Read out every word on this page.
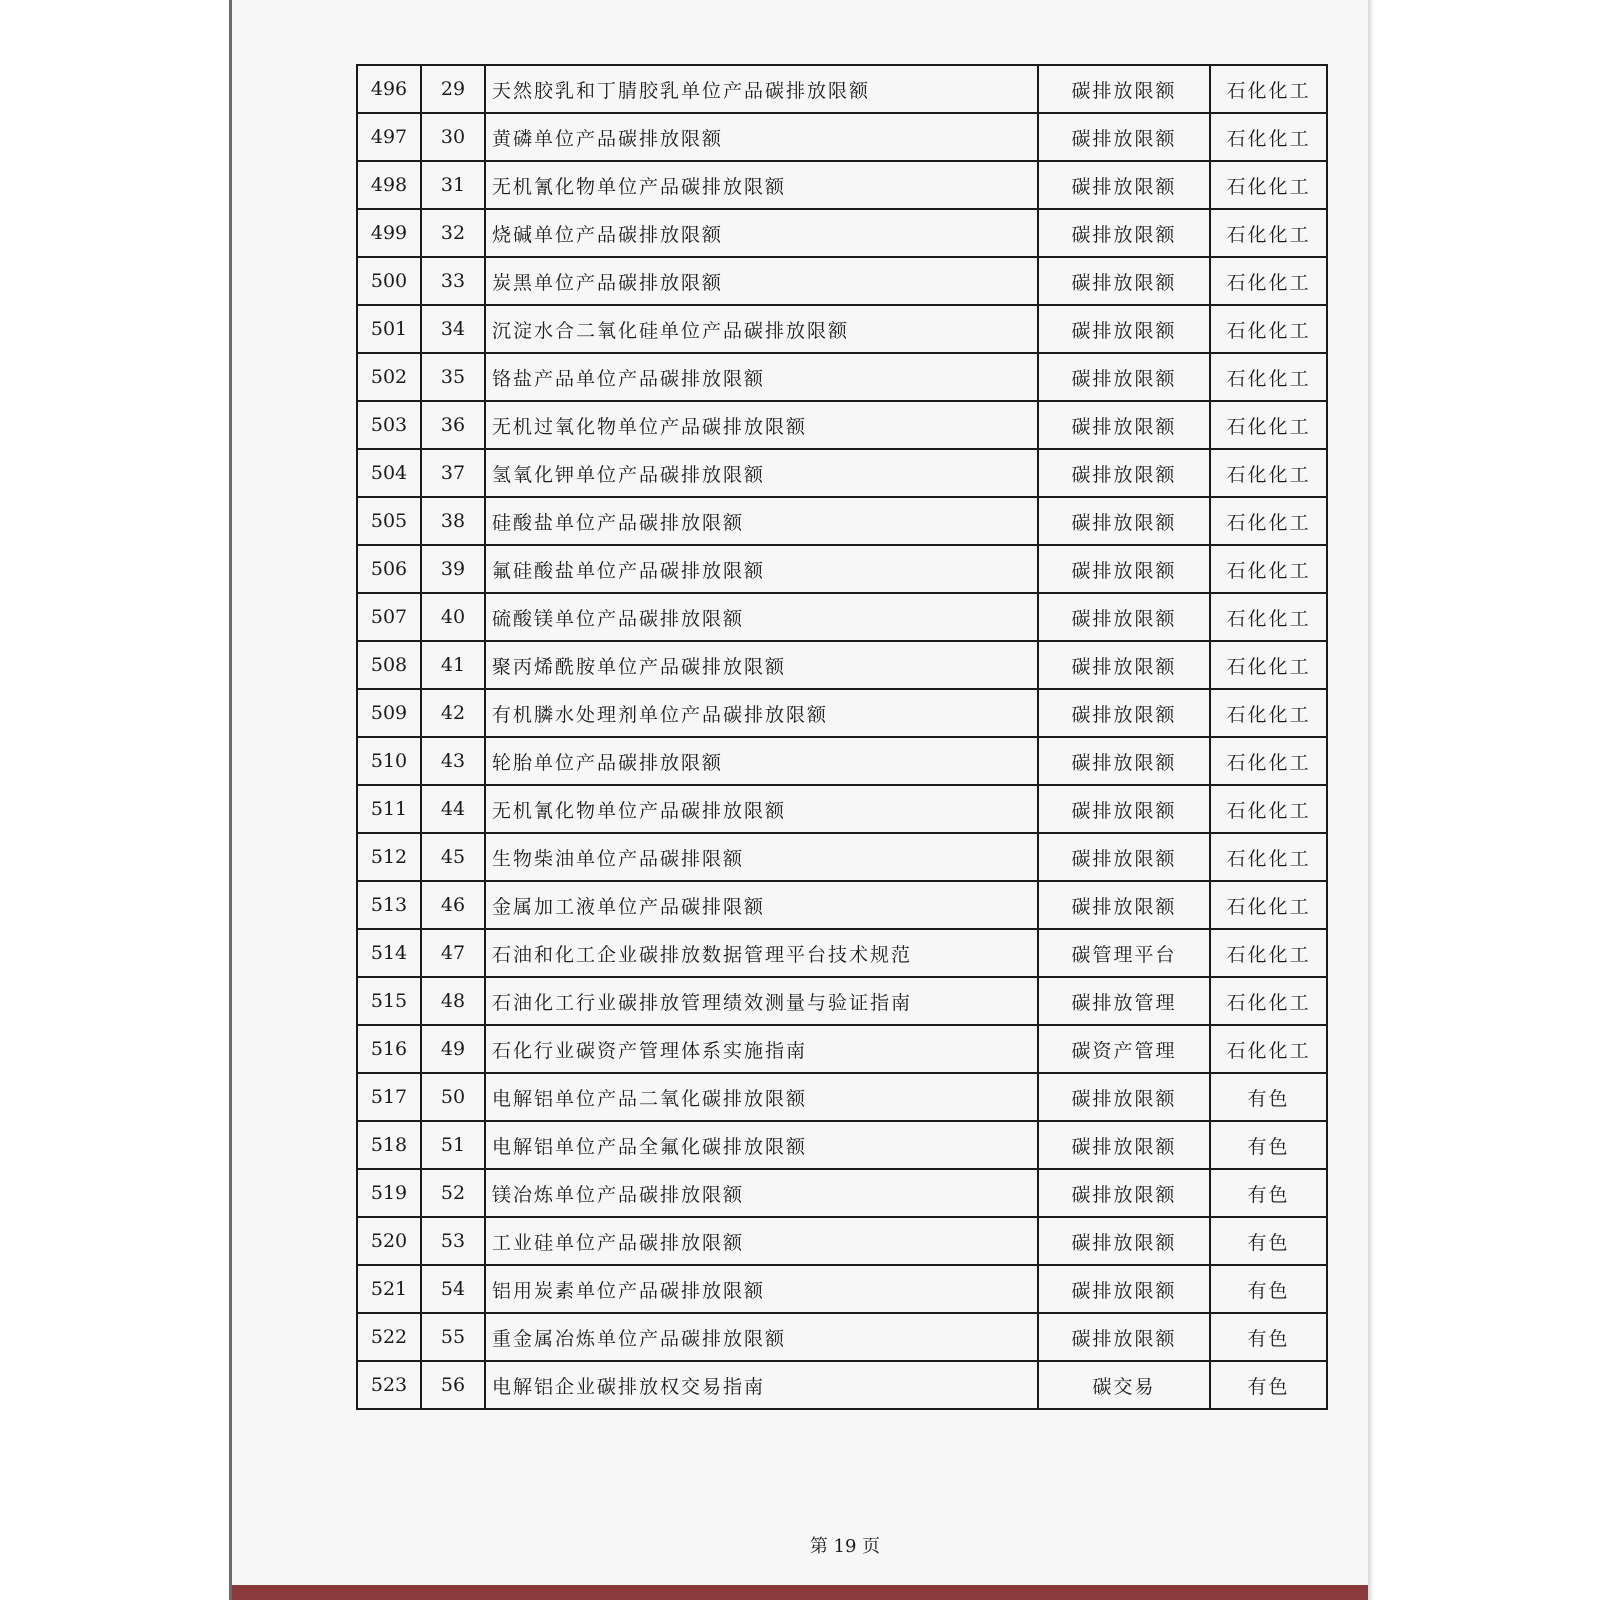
496	29	天然胶乳和丁腈胶乳单位产品碳排放限额	碳排放限额	石化化工
497	30	黄磷单位产品碳排放限额	碳排放限额	石化化工
498	31	无机氰化物单位产品碳排放限额	碳排放限额	石化化工
499	32	烧碱单位产品碳排放限额	碳排放限额	石化化工
500	33	炭黑单位产品碳排放限额	碳排放限额	石化化工
501	34	沉淀水合二氧化硅单位产品碳排放限额	碳排放限额	石化化工
502	35	铬盐产品单位产品碳排放限额	碳排放限额	石化化工
503	36	无机过氧化物单位产品碳排放限额	碳排放限额	石化化工
504	37	氢氧化钾单位产品碳排放限额	碳排放限额	石化化工
505	38	硅酸盐单位产品碳排放限额	碳排放限额	石化化工
506	39	氟硅酸盐单位产品碳排放限额	碳排放限额	石化化工
507	40	硫酸镁单位产品碳排放限额	碳排放限额	石化化工
508	41	聚丙烯酰胺单位产品碳排放限额	碳排放限额	石化化工
509	42	有机膦水处理剂单位产品碳排放限额	碳排放限额	石化化工
510	43	轮胎单位产品碳排放限额	碳排放限额	石化化工
511	44	无机氰化物单位产品碳排放限额	碳排放限额	石化化工
512	45	生物柴油单位产品碳排限额	碳排放限额	石化化工
513	46	金属加工液单位产品碳排限额	碳排放限额	石化化工
514	47	石油和化工企业碳排放数据管理平台技术规范	碳管理平台	石化化工
515	48	石油化工行业碳排放管理绩效测量与验证指南	碳排放管理	石化化工
516	49	石化行业碳资产管理体系实施指南	碳资产管理	石化化工
517	50	电解铝单位产品二氧化碳排放限额	碳排放限额	有色
518	51	电解铝单位产品全氟化碳排放限额	碳排放限额	有色
519	52	镁冶炼单位产品碳排放限额	碳排放限额	有色
520	53	工业硅单位产品碳排放限额	碳排放限额	有色
521	54	铝用炭素单位产品碳排放限额	碳排放限额	有色
522	55	重金属冶炼单位产品碳排放限额	碳排放限额	有色
523	56	电解铝企业碳排放权交易指南	碳交易	有色
第 19 页
